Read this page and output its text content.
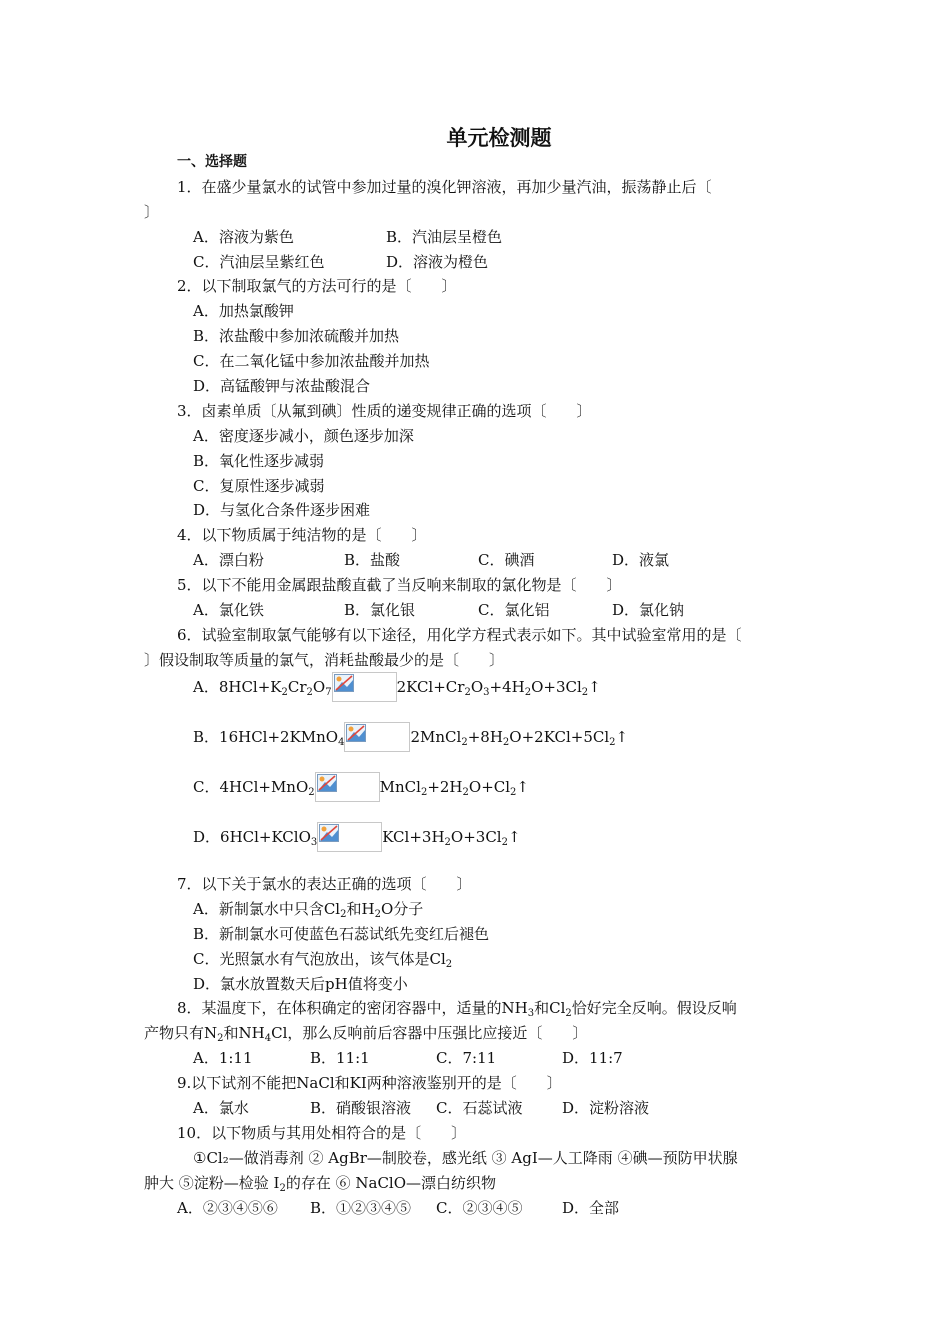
单元检测题
一、选择题
1．在盛少量氯水的试管中参加过量的溴化钾溶液，再加少量汽油，振荡静止后〔
〕
A．溶液为紫色	B．汽油层呈橙色
C．汽油层呈紫红色	D．溶液为橙色
2．以下制取氯气的方法可行的是〔　　〕
A．加热氯酸钾
B．浓盐酸中参加浓硫酸并加热
C．在二氧化锰中参加浓盐酸并加热
D．高锰酸钾与浓盐酸混合
3．卤素单质〔从氟到碘〕性质的递变规律正确的选项〔　　〕
A．密度逐步减小，颜色逐步加深
B．氧化性逐步减弱
C．复原性逐步减弱
D．与氢化合条件逐步困难
4．以下物质属于纯洁物的是〔　　〕
A．漂白粉	B．盐酸	C．碘酒	D．液氯
5．以下不能用金属跟盐酸直截了当反响来制取的氯化物是〔　　〕
A．氯化铁	B．氯化银	C．氯化铝	D．氯化钠
6．试验室制取氯气能够有以下途径，用化学方程式表示如下。其中试验室常用的是〔
〕假设制取等质量的氯气，消耗盐酸最少的是〔　　〕
A．$8HCl+K_2Cr_2O_7$	$2KCl+Cr_2O_3+4H_2O+3Cl_2↑$
B．16HCl+2KMnO$_4$	$2MnCl_2+8H_2O+2KCl+5Cl_2↑$
C．4HCl+MnO$_2$	$MnCl_2+2H_2O+Cl_2↑$
D．6HCl+KClO$_3$	$KCl+3H_2O+3Cl_2↑$
7．以下关于氯水的表达正确的选项〔　　〕
A．新制氯水中只含$Cl_2$和$H_2O$分子
B．新制氯水可使蓝色石蕊试纸先变红后褪色
C．光照氯水有气泡放出，该气体是$Cl_2$
D．氯水放置数天后pH值将变小
8．某温度下，在体积确定的密闭容器中，适量的$NH_3$和$Cl_2$恰好完全反响。假设反响
产物只有$N_2$和$NH_4Cl$，那么反响前后容器中压强比应接近〔　　〕
A．1:11	B．11:1	C．7:11	D．11:7
9.以下试剂不能把NaCl和KI两种溶液鉴别开的是〔　　〕
A．氯水	B．硝酸银溶液 C．石蕊试液	D．淀粉溶液
10．以下物质与其用处相符合的是〔　　〕
①Cl₂—做消毒剂 ② AgBr—制胶卷，感光纸 ③ AgI—人工降雨 ④碘—预防甲状腺
肿大 ⑤淀粉—检验 $I_2$的存在 ⑥ NaClO—漂白纺织物
A．②③④⑤⑥ B．①②③④⑤ C．②③④⑤	D．全部
